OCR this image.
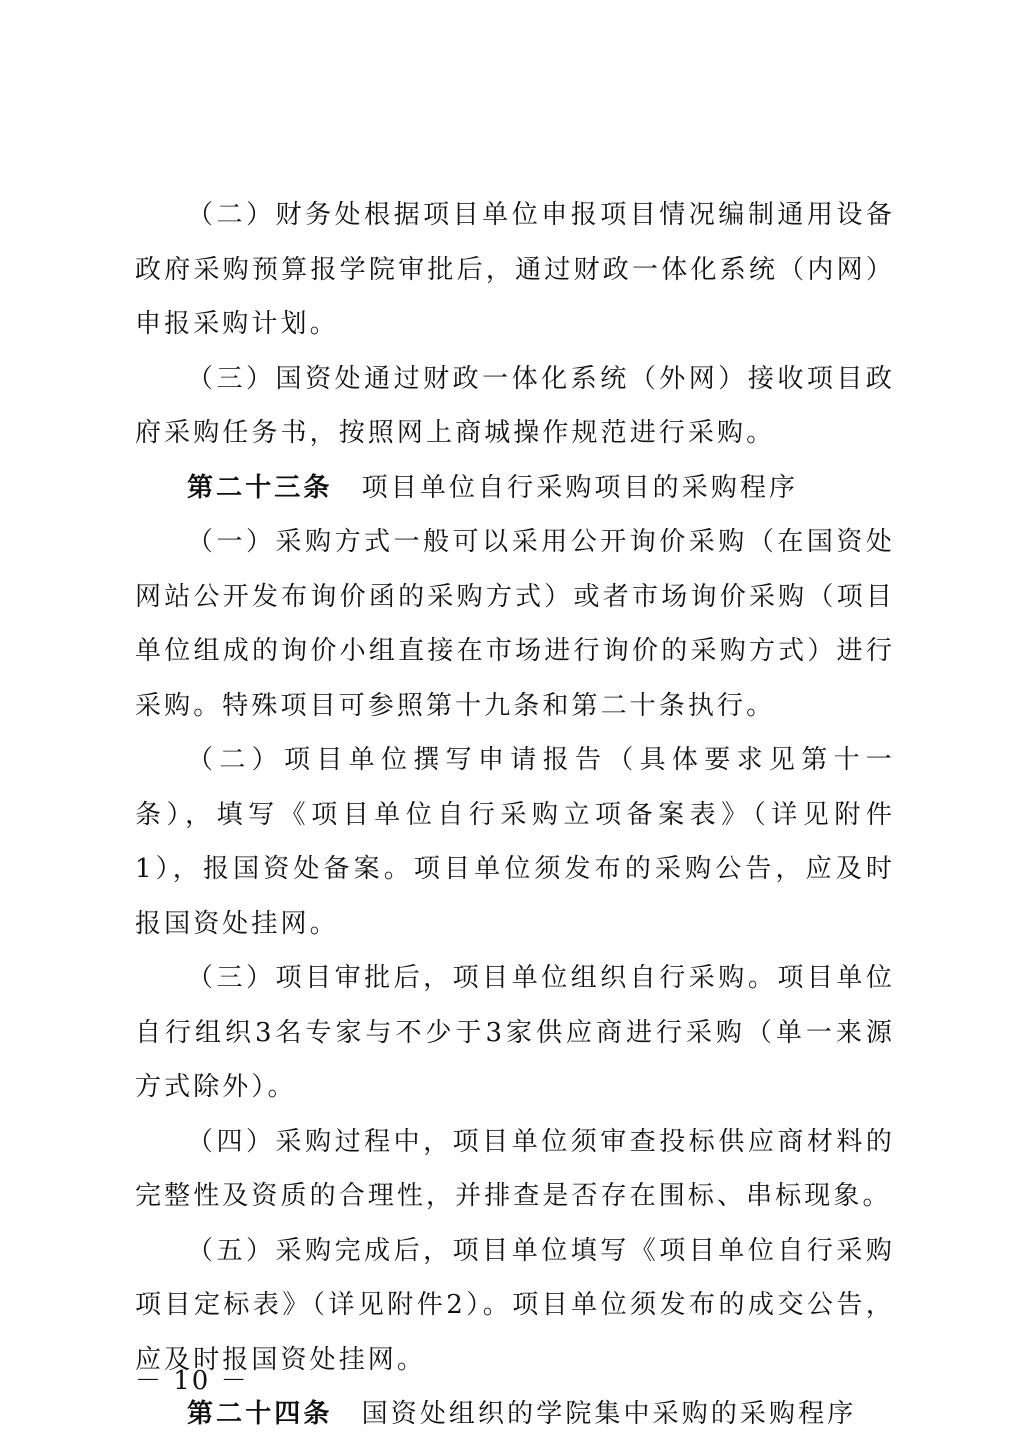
（二）财务处根据项目单位申报项目情况编制通用设备政府采购预算报学院审批后，通过财政一体化系统（内网）申报采购计划。

（三）国资处通过财政一体化系统（外网）接收项目政府采购任务书，按照网上商城操作规范进行采购。

第二十三条　 项目单位自行采购项目的采购程序

（一）采购方式一般可以采用公开询价采购（在国资处网站公开发布询价函的采购方式）或者市场询价采购（项目单位组成的询价小组直接在市场进行询价的采购方式）进行采购。特殊项目可参照第十九条和第二十条执行。

（二）项目单位撰写申请报告（具体要求见第十一条），填写《项目单位自行采购立项备案表》（详见附件1），报国资处备案。项目单位须发布的采购公告，应及时报国资处挂网。

（三）项目审批后，项目单位组织自行采购。项目单位自行组织3名专家与不少于3家供应商进行采购（单一来源方式除外）。

（四）采购过程中，项目单位须审查投标供应商材料的完整性及资质的合理性，并排查是否存在围标、串标现象。

（五）采购完成后，项目单位填写《项目单位自行采购项目定标表》（详见附件2）。项目单位须发布的成交公告，应及时报国资处挂网。

第二十四条　 国资处组织的学院集中采购的采购程序

－ 10 －
